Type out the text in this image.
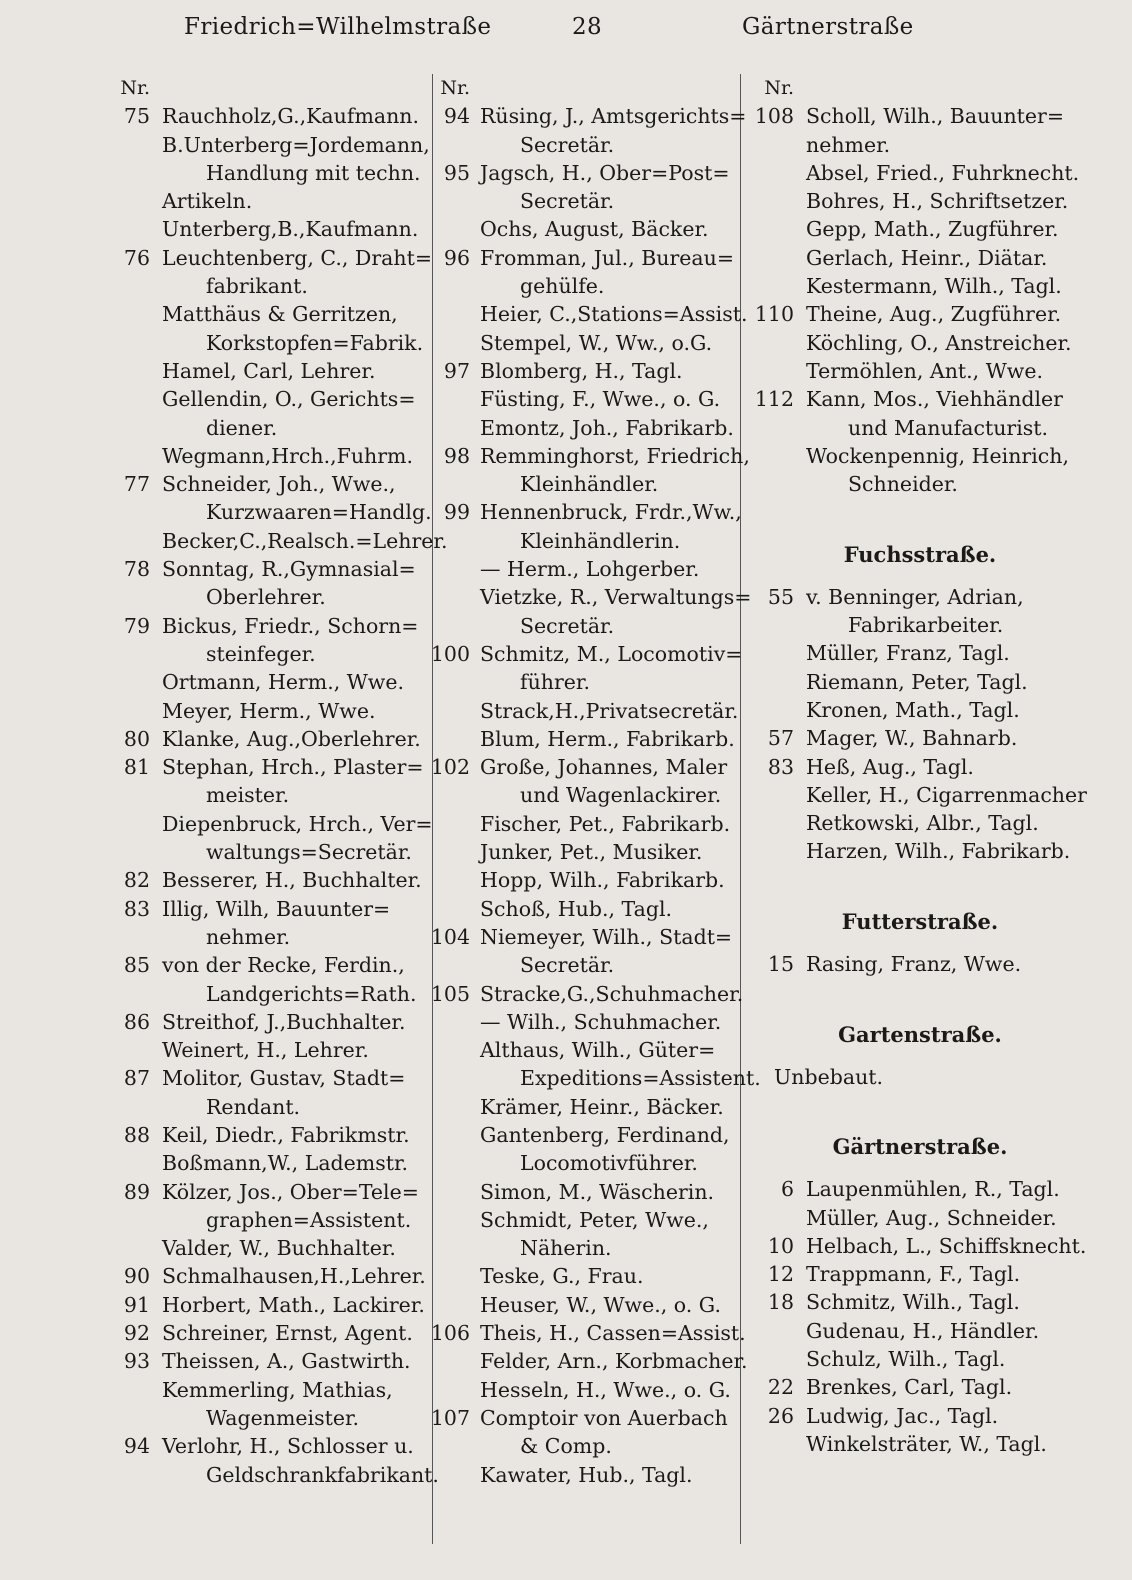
Friedrich=Wilhelmstraße	28	Gärtnerstraße
Nr.
75 Rauchholz,G.,Kaufmann.
B.Unterberg=Jordemann,
Handlung mit techn.
Artikeln.
Unterberg,B.,Kaufmann.
76 Leuchtenberg, C., Draht=
fabrikant.
Matthäus & Gerritzen,
Korkstopfen=Fabrik.
Hamel, Carl, Lehrer.
Gellendin, O., Gerichts=
diener.
Wegmann,Hrch.,Fuhrm.
77 Schneider, Joh., Wwe.,
Kurzwaaren=Handlg.
Becker,C.,Realsch.=Lehrer.
78 Sonntag, R.,Gymnasial=
Oberlehrer.
79 Bickus, Friedr., Schorn=
steinfeger.
Ortmann, Herm., Wwe.
Meyer, Herm., Wwe.
80 Klanke, Aug.,Oberlehrer.
81 Stephan, Hrch., Plaster=
meister.
Diepenbruck, Hrch., Ver=
waltungs=Secretär.
82 Besserer, H., Buchhalter.
83 Illig, Wilh, Bauunter=
nehmer.
85 von der Recke, Ferdin.,
Landgerichts=Rath.
86 Streithof, J.,Buchhalter.
Weinert, H., Lehrer.
87 Molitor, Gustav, Stadt=
Rendant.
88 Keil, Diedr., Fabrikmstr.
Boßmann,W., Lademstr.
89 Kölzer, Jos., Ober=Tele=
graphen=Assistent.
Valder, W., Buchhalter.
90 Schmalhausen,H.,Lehrer.
91 Horbert, Math., Lackirer.
92 Schreiner, Ernst, Agent.
93 Theissen, A., Gastwirth.
Kemmerling, Mathias,
Wagenmeister.
94 Verlohr, H., Schlosser u.
Geldschrankfabrikant.
Nr.
94 Rüsing, J., Amtsgerichts=
Secretär.
95 Jagsch, H., Ober=Post=
Secretär.
Ochs, August, Bäcker.
96 Fromman, Jul., Bureau=
gehülfe.
Heier, C.,Stations=Assist.
Stempel, W., Ww., o.G.
97 Blomberg, H., Tagl.
Füsting, F., Wwe., o. G.
Emontz, Joh., Fabrikarb.
98 Remminghorst, Friedrich,
Kleinhändler.
99 Hennenbruck, Frdr.,Ww.,
Kleinhändlerin.
— Herm., Lohgerber.
Vietzke, R., Verwaltungs=
Secretär.
100 Schmitz, M., Locomotiv=
führer.
Strack,H.,Privatsecretär.
Blum, Herm., Fabrikarb.
102 Große, Johannes, Maler
und Wagenlackirer.
Fischer, Pet., Fabrikarb.
Junker, Pet., Musiker.
Hopp, Wilh., Fabrikarb.
Schoß, Hub., Tagl.
104 Niemeyer, Wilh., Stadt=
Secretär.
105 Stracke,G.,Schuhmacher.
— Wilh., Schuhmacher.
Althaus, Wilh., Güter=
Expeditions=Assistent.
Krämer, Heinr., Bäcker.
Gantenberg, Ferdinand,
Locomotivführer.
Simon, M., Wäscherin.
Schmidt, Peter, Wwe.,
Näherin.
Teske, G., Frau.
Heuser, W., Wwe., o. G.
106 Theis, H., Cassen=Assist.
Felder, Arn., Korbmacher.
Hesseln, H., Wwe., o. G.
107 Comptoir von Auerbach
& Comp.
Kawater, Hub., Tagl.
Nr.
108 Scholl, Wilh., Bauunter=
nehmer.
Absel, Fried., Fuhrknecht.
Bohres, H., Schriftsetzer.
Gepp, Math., Zugführer.
Gerlach, Heinr., Diätar.
Kestermann, Wilh., Tagl.
110 Theine, Aug., Zugführer.
Köchling, O., Anstreicher.
Termöhlen, Ant., Wwe.
112 Kann, Mos., Viehhändler
und Manufacturist.
Wockenpennig, Heinrich,
Schneider.
Fuchsstraße.
55 v. Benninger, Adrian,
Fabrikarbeiter.
Müller, Franz, Tagl.
Riemann, Peter, Tagl.
Kronen, Math., Tagl.
57 Mager, W., Bahnarb.
83 Heß, Aug., Tagl.
Keller, H., Cigarrenmacher
Retkowski, Albr., Tagl.
Harzen, Wilh., Fabrikarb.
Futterstraße.
15 Rasing, Franz, Wwe.
Gartenstraße.
Unbebaut.
Gärtnerstraße.
6 Laupenmühlen, R., Tagl.
Müller, Aug., Schneider.
10 Helbach, L., Schiffsknecht.
12 Trappmann, F., Tagl.
18 Schmitz, Wilh., Tagl.
Gudenau, H., Händler.
Schulz, Wilh., Tagl.
22 Brenkes, Carl, Tagl.
26 Ludwig, Jac., Tagl.
Winkelsträter, W., Tagl.
